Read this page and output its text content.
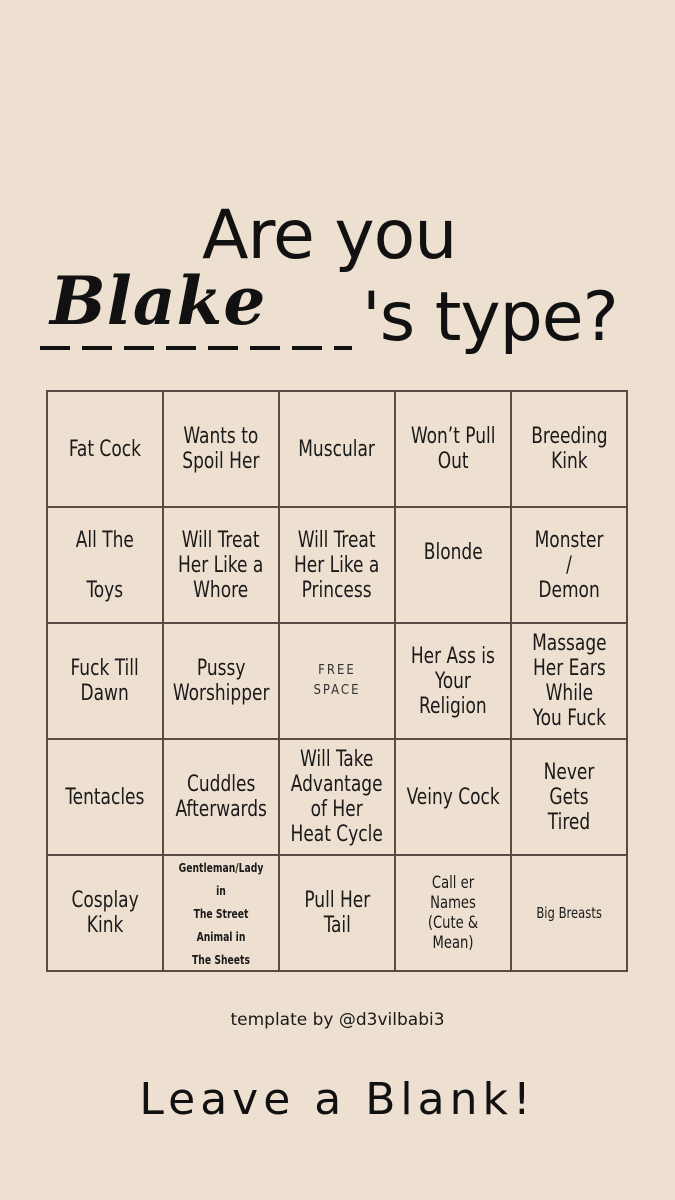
Are you
Blake 's type?
Fat Cock Wants to
Spoil Her Muscular Won’t Pull
Out
Breeding
Kink
All The

Toys
Will Treat
Her Like a
Whore
Will Treat
Her Like a
Princess
Blonde Monster
/
Demon
Fuck Till
Dawn
Pussy
Worshipper
FREE
SPACE
Her Ass is
Your
Religion
Massage
Her Ears
While
You Fuck
Tentacles	Cuddles
Afterwards
Will Take
Advantage
of Her
Heat Cycle
Veiny Cock
Never Gets
Tired
Cosplay
Kink
Gentleman/Lady in
The Street
Animal in
The Sheets
Pull Her
Tail
Call er
Names
(Cute & Mean)
Big Breasts
template by @d3vilbabi3
Leave a Blank!
